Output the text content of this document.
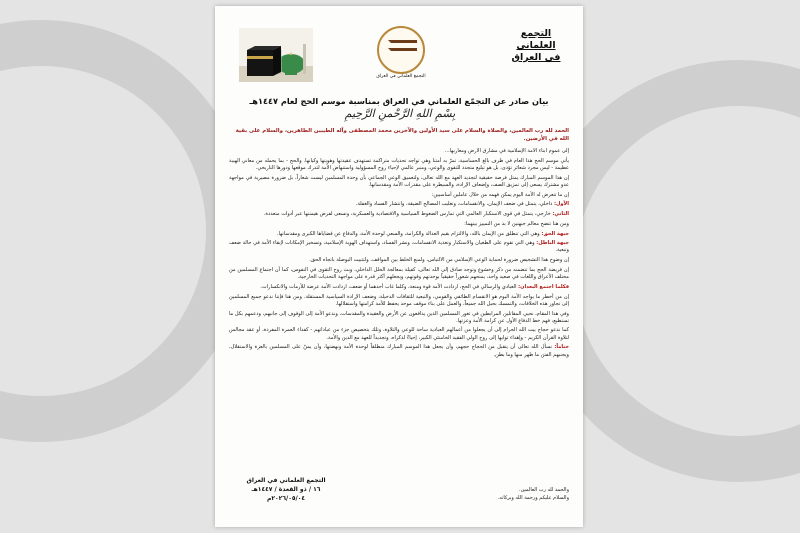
التجمع العلماني
في العراق
التجمع العلماني في العراق
بيان صادر عن التجمّع العلماني في العراق بمناسبة موسم الحج لعام ١٤٤٧هـ
بِسْمِ اللهِ الرَّحْمنِ الرَّحِيمِ
الحمد لله رب العالمين، والصلاة والسلام على سيد الأولين والآخرين محمد المصطفى وآله الطيبين الطاهرين، والسلام على بقية الله في الأرضين.

إلى عموم أبناء الأمة الإسلامية في مشارق الأرض ومغاربها...

يأتي موسم الحج هذا العام في ظرف بالغ الحساسية، تمرّ به أمتنا وهي تواجه تحديات متراكمة تستهدف عقيدتها وهويتها وكيانها. والحج - بما يحمله من معاني الهيبة عظيمة - ليس مجرد شعائر تؤدى، بل هو تبليغ متجدد للتقوى والوعي، ومنبر عالمي لإحياء روح المسؤولية واستنهاض الأمة لتدرك موقعها ودورها التاريخي.

إن هذا الموسم المبارك يمثل فرصة حقيقية لتجديد العهد مع الله تعالى، ولتعميق الوعي الجماعي بأن وحدة المسلمين ليست شعاراً، بل ضرورة مصيرية في مواجهة عدو مشترك يسعى إلى تمزيق الصف، وإضعاف الإرادة، والسيطرة على مقدرات الأمة ومقدساتها.

إن ما تتعرض له الأمة اليوم يمكن فهمه من خلال عاملين أساسيين:

الأول: داخلي، يتمثل في ضعف الإيمان، والانقسامات، وتغليب المصالح الضيقة، وانتشار الفساد والغفلة.

الثاني: خارجي، يتمثل في قوى الاستكبار العالمي التي تمارس الضغوط السياسية والاقتصادية والعسكرية، وتسعى لفرض هيمنتها عبر أدوات متعددة.

ومن هنا تتضح معالم جبهتين لا بد من التمييز بينهما:

جبهة الحق: وهي التي تنطلق من الإيمان بالله، والالتزام بقيم العدالة والكرامة، والسعي لوحدة الأمة، والدفاع عن قضاياها الكبرى ومقدساتها.

جبهة الباطل: وهي التي تقوم على الطغيان والاستكبار وتغذية الانقسامات، ونشر الفساد، واستهداف الهوية الإسلامية، وتسخير الإمكانات لإبقاء الأمة في حالة ضعف وتبعية.

إن وضوح هذا التشخيص ضرورة لحماية الوعي الإسلامي من الالتباس، ولمنع الخلط بين المواقف، ولتثبيت البوصلة باتجاه الحق.

إن فريضة الحج بما تتضمنه من ذكر وخشوع وتوجه صادق إلى الله تعالى، كفيلة بمعالجة الخلل الداخلي، وبث روح التقوى في النفوس، كما أن اجتماع المسلمين من مختلف الأعراق واللغات في صعيد واحد، يمنحهم شعوراً حقيقياً بوحدتهم وقوتهم، ويجعلهم أكثر قدرة على مواجهة التحديات الخارجية.

فكلما اجتمع البعدان: العبادي والرسالي في الحج، ازدادت الأمة قوة ومنعة، وكلما غاب أحدهما أو ضعف، ازدادت الأمة عرضة للأزمات والانكسارات.

إن من أخطر ما يواجه الأمة اليوم هو الانقسام الطائفي والقومي، والتبعية للثقافات الدخيلة، وضعف الإرادة السياسية المستقلة. ومن هنا فإننا ندعو جميع المسلمين إلى تجاوز هذه الخلافات، والتمسك بحبل الله جميعاً، والعمل على بناء موقف موحد يحفظ للأمة كرامتها واستقلالها.

وفي هذا المقام، نحيي المقاتلين المرابطين في ثغور المسلمين الذين يدافعون عن الأرض والعقيدة والمقدسات، وندعو الأمة إلى الوقوف إلى جانبهم، ودعمهم بكل ما تستطيع، فهم خط الدفاع الأول عن كرامة الأمة وعزتها.

كما ندعو حجاج بيت الله الحرام إلى أن يجعلوا من أعمالهم العبادية ساحة للوعي والتلاوة، وتلك بتخصيص جزء من عباداتهم - كفداء العمرة المفردة، أو عقد مجالس لتلاوة القرآن الكريم - وإهداء ثوابها إلى روح الولي الفقيد الخامنئي الكبير، إحياءً لذكراه، وتجديداً للعهد مع الدين والأمة.

ختاماً: نسأل الله تعالى أن يتقبل من الحجاج حجهم، وأن يجعل هذا الموسم المبارك منطلقاً لوحدة الأمة ونهضتها، وأن يمنّ على المسلمين بالعزة والاستقلال، ويجنبهم الفتن ما ظهر منها وما بطن.

والحمد لله رب العالمين.
والسلام عليكم ورحمة الله وبركاته.
التجمع العلماني في العراق
١٦ / ذو القعدة / ١٤٤٧هـ
٢٠٢٦/٠٥/٠٤م
